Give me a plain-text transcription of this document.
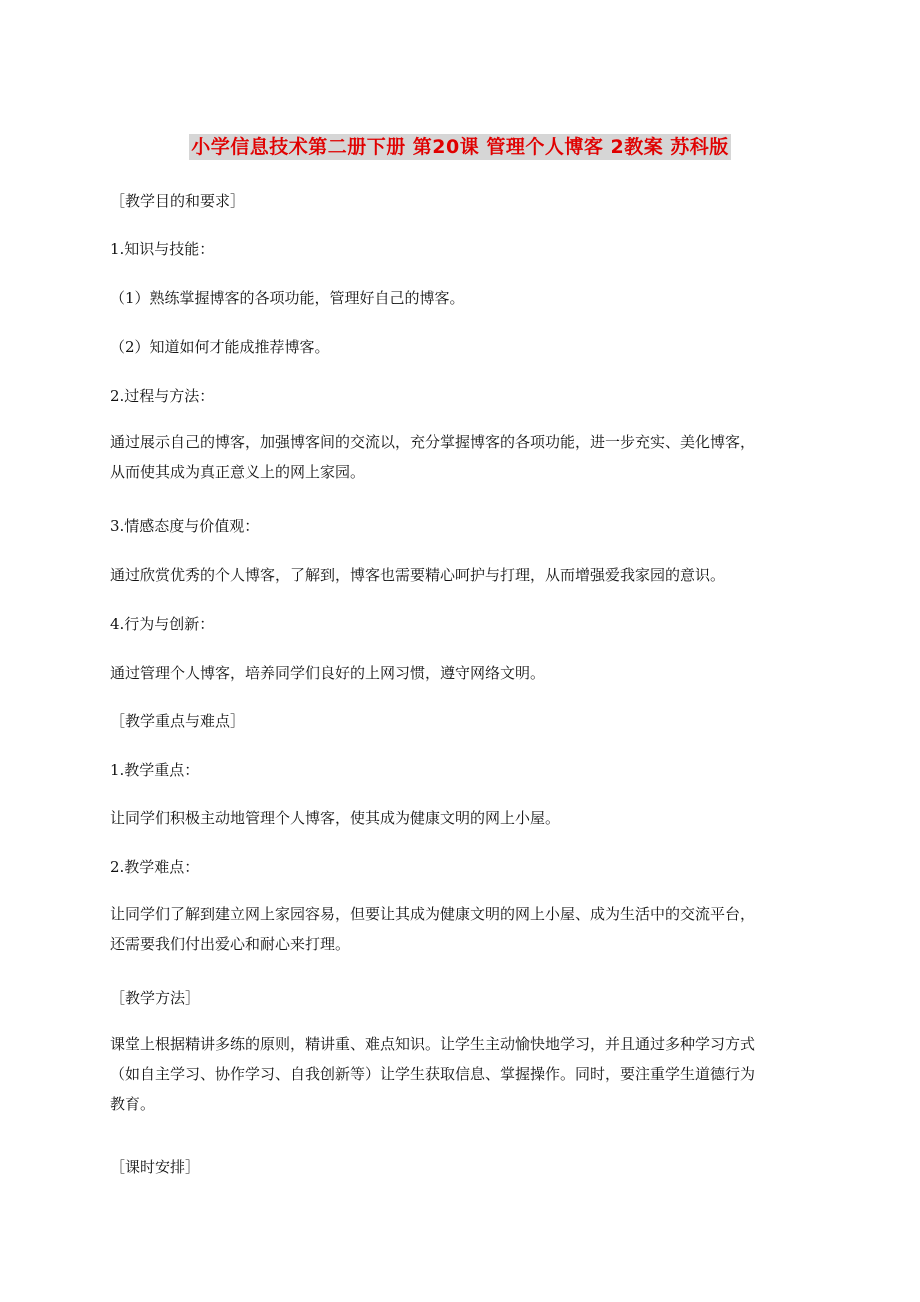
小学信息技术第二册下册 第20课 管理个人博客 2教案 苏科版
［教学目的和要求］
1.知识与技能：
（1）熟练掌握博客的各项功能，管理好自己的博客。
（2）知道如何才能成推荐博客。
2.过程与方法：
通过展示自己的博客，加强博客间的交流以，充分掌握博客的各项功能，进一步充实、美化博客，
从而使其成为真正意义上的网上家园。
3.情感态度与价值观：
通过欣赏优秀的个人博客，了解到，博客也需要精心呵护与打理，从而增强爱我家园的意识。
4.行为与创新：
通过管理个人博客，培养同学们良好的上网习惯，遵守网络文明。
［教学重点与难点］
1.教学重点：
让同学们积极主动地管理个人博客，使其成为健康文明的网上小屋。
2.教学难点：
让同学们了解到建立网上家园容易，但要让其成为健康文明的网上小屋、成为生活中的交流平台，
还需要我们付出爱心和耐心来打理。
［教学方法］
课堂上根据精讲多练的原则，精讲重、难点知识。让学生主动愉快地学习，并且通过多种学习方式
（如自主学习、协作学习、自我创新等）让学生获取信息、掌握操作。同时，要注重学生道德行为
教育。
［课时安排］
